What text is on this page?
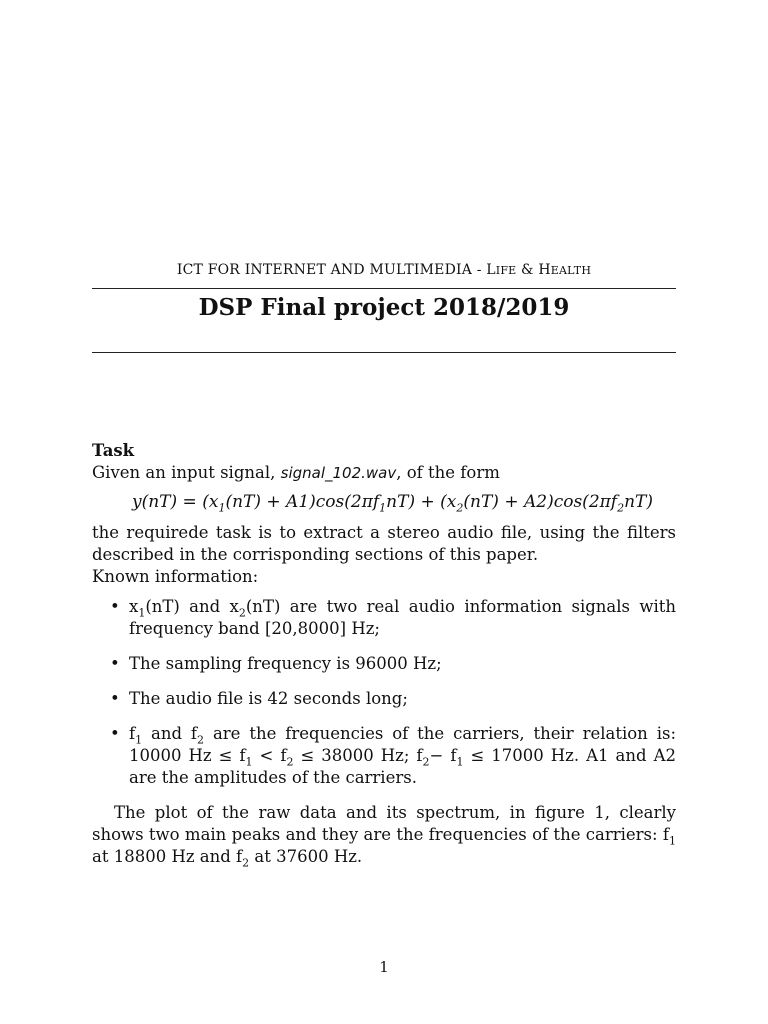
ICT FOR INTERNET AND MULTIMEDIA - LIFE & HEALTH
DSP Final project 2018/2019

Task

Given an input signal, signal_102.wav, of the form

$y(nT) = (x_1(nT) + A1)\cos(2\pi f_1nT) + (x_2(nT) + A2)\cos(2\pi f_2nT)$

the requirede task is to extract a stereo audio file, using the filters described in the corrisponding sections of this paper.

Known information:

• $x_1(nT)$ and $x_2(nT)$ are two real audio information signals with frequency band [20,8000] Hz;
• The sampling frequency is 96000 Hz;
• The audio file is 42 seconds long;
• $f_1$ and $f_2$ are the frequencies of the carriers, their relation is: 10000 $Hz \le f_1 < f_2 \le 38000$ Hz; $f_2- f_1 \le 17000$ Hz. A1 and A2 are the amplitudes of the carriers.

The plot of the raw data and its spectrum, in figure 1, clearly shows two main peaks and they are the frequencies of the carriers: $f_1$ at 18800 Hz and $f_2$ at 37600 Hz.

1
